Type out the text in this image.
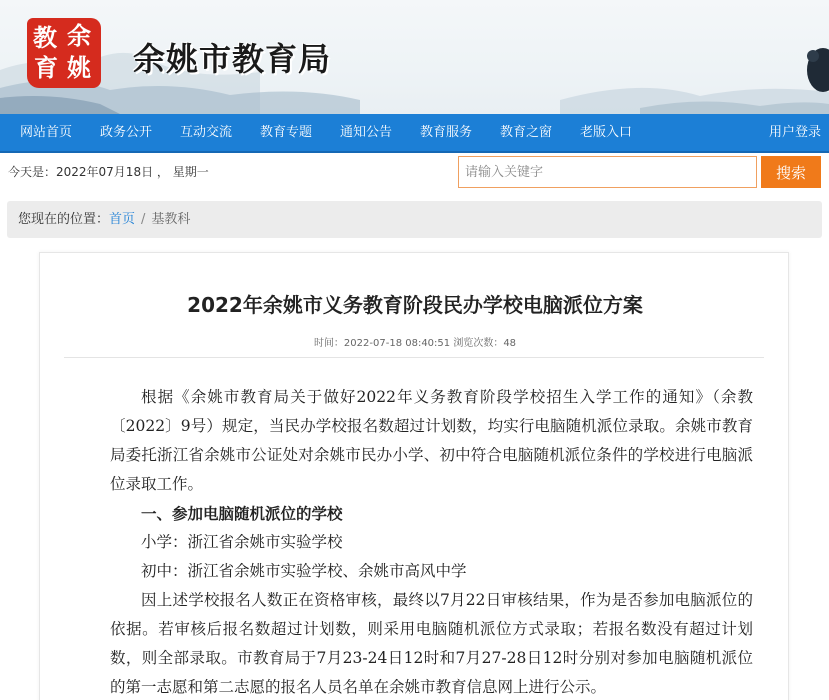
教 余
育 姚 余姚市教育局
网站首页 政务公开 互动交流 教育专题 通知公告 教育服务 教育之窗 老版入口	用户登录
今天是：2022年07月18日 ， 星期一
请输入关键字	搜索
您现在的位置：首页 / 基教科
2022年余姚市义务教育阶段民办学校电脑派位方案
时间：2022-07-18 08:40:51 浏览次数：48

根据《余姚市教育局关于做好2022年义务教育阶段学校招生入学工作的通知》（余教〔2022〕9号）规定，当民办学校报名数超过计划数，均实行电脑随机派位录取。余姚市教育局委托浙江省余姚市公证处对余姚市民办小学、初中符合电脑随机派位条件的学校进行电脑派位录取工作。

一、参加电脑随机派位的学校

小学：浙江省余姚市实验学校

初中：浙江省余姚市实验学校、余姚市高风中学

因上述学校报名人数正在资格审核，最终以7月22日审核结果，作为是否参加电脑派位的依据。若审核后报名数超过计划数，则采用电脑随机派位方式录取；若报名数没有超过计划数，则全部录取。市教育局于7月23-24日12时和7月27-28日12时分别对参加电脑随机派位的第一志愿和第二志愿的报名人员名单在余姚市教育信息网上进行公示。
